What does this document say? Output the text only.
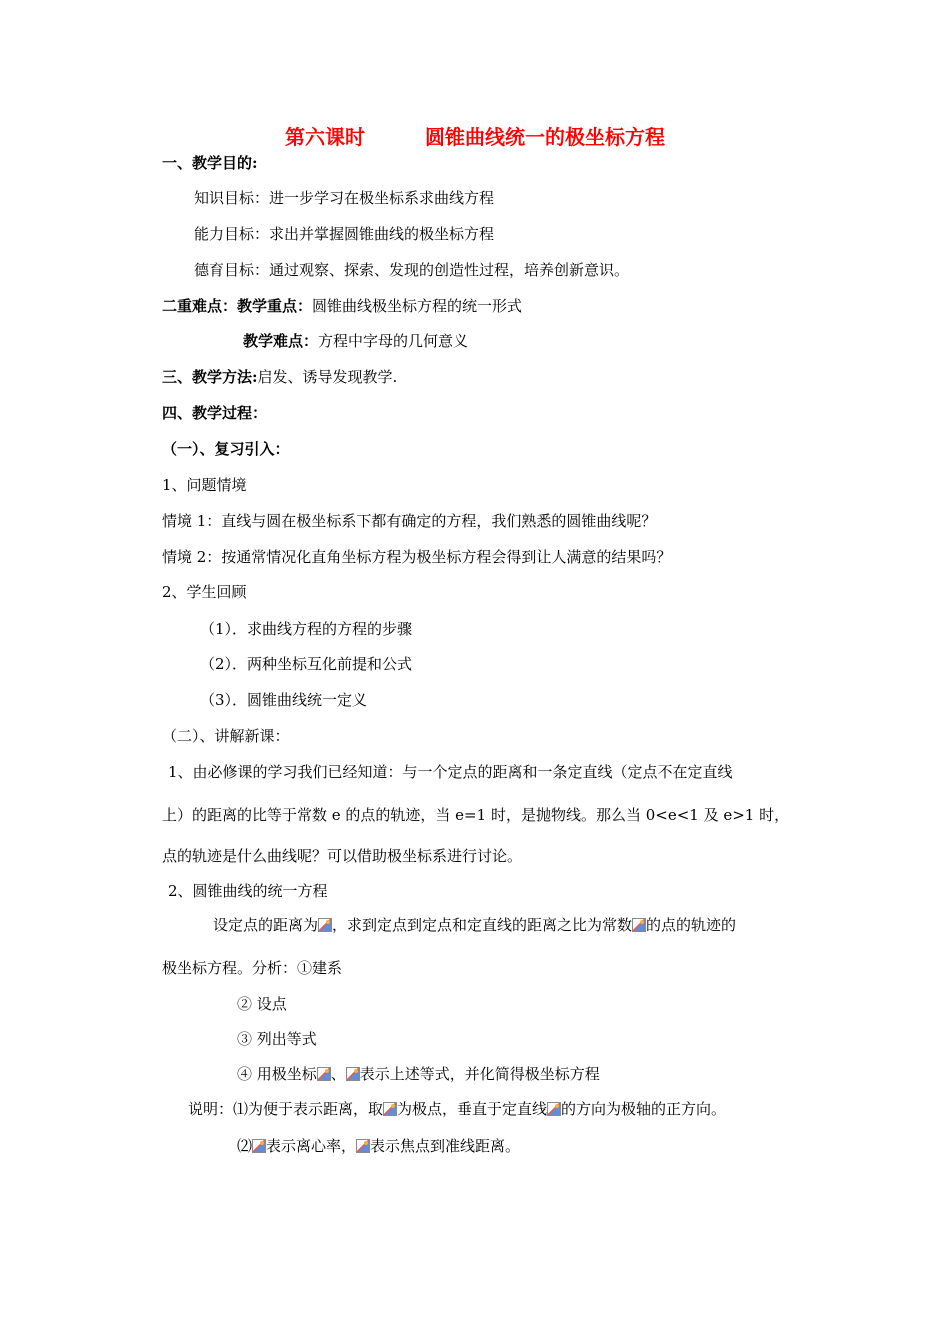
第六课时	圆锥曲线统一的极坐标方程
一、教学目的:
知识目标：进一步学习在极坐标系求曲线方程
能力目标：求出并掌握圆锥曲线的极坐标方程
德育目标：通过观察、探索、发现的创造性过程，培养创新意识。
二重难点：教学重点：圆锥曲线极坐标方程的统一形式
教学难点：方程中字母的几何意义
三、教学方法:启发、诱导发现教学.
四、教学过程：
（一）、复习引入：
1、问题情境
情境 1：直线与圆在极坐标系下都有确定的方程，我们熟悉的圆锥曲线呢？
情境 2：按通常情况化直角坐标方程为极坐标方程会得到让人满意的结果吗？
2、学生回顾
（1）．求曲线方程的方程的步骤
（2）．两种坐标互化前提和公式
（3）．圆锥曲线统一定义
（二）、讲解新课：
1、由必修课的学习我们已经知道：与一个定点的距离和一条定直线（定点不在定直线
上）的距离的比等于常数 e 的点的轨迹，当 e=1 时，是抛物线。那么当 0<e<1 及 e>1 时，
点的轨迹是什么曲线呢？可以借助极坐标系进行讨论。
2、圆锥曲线的统一方程
设定点的距离为 ，求到定点到定点和定直线的距离之比为常数 的点的轨迹的
极坐标方程。分析：①建系
② 设点
③ 列出等式
④ 用极坐标 、 表示上述等式，并化简得极坐标方程
说明：⑴为便于表示距离，取 为极点，垂直于定直线 的方向为极轴的正方向。
⑵ 表示离心率， 表示焦点到准线距离。
